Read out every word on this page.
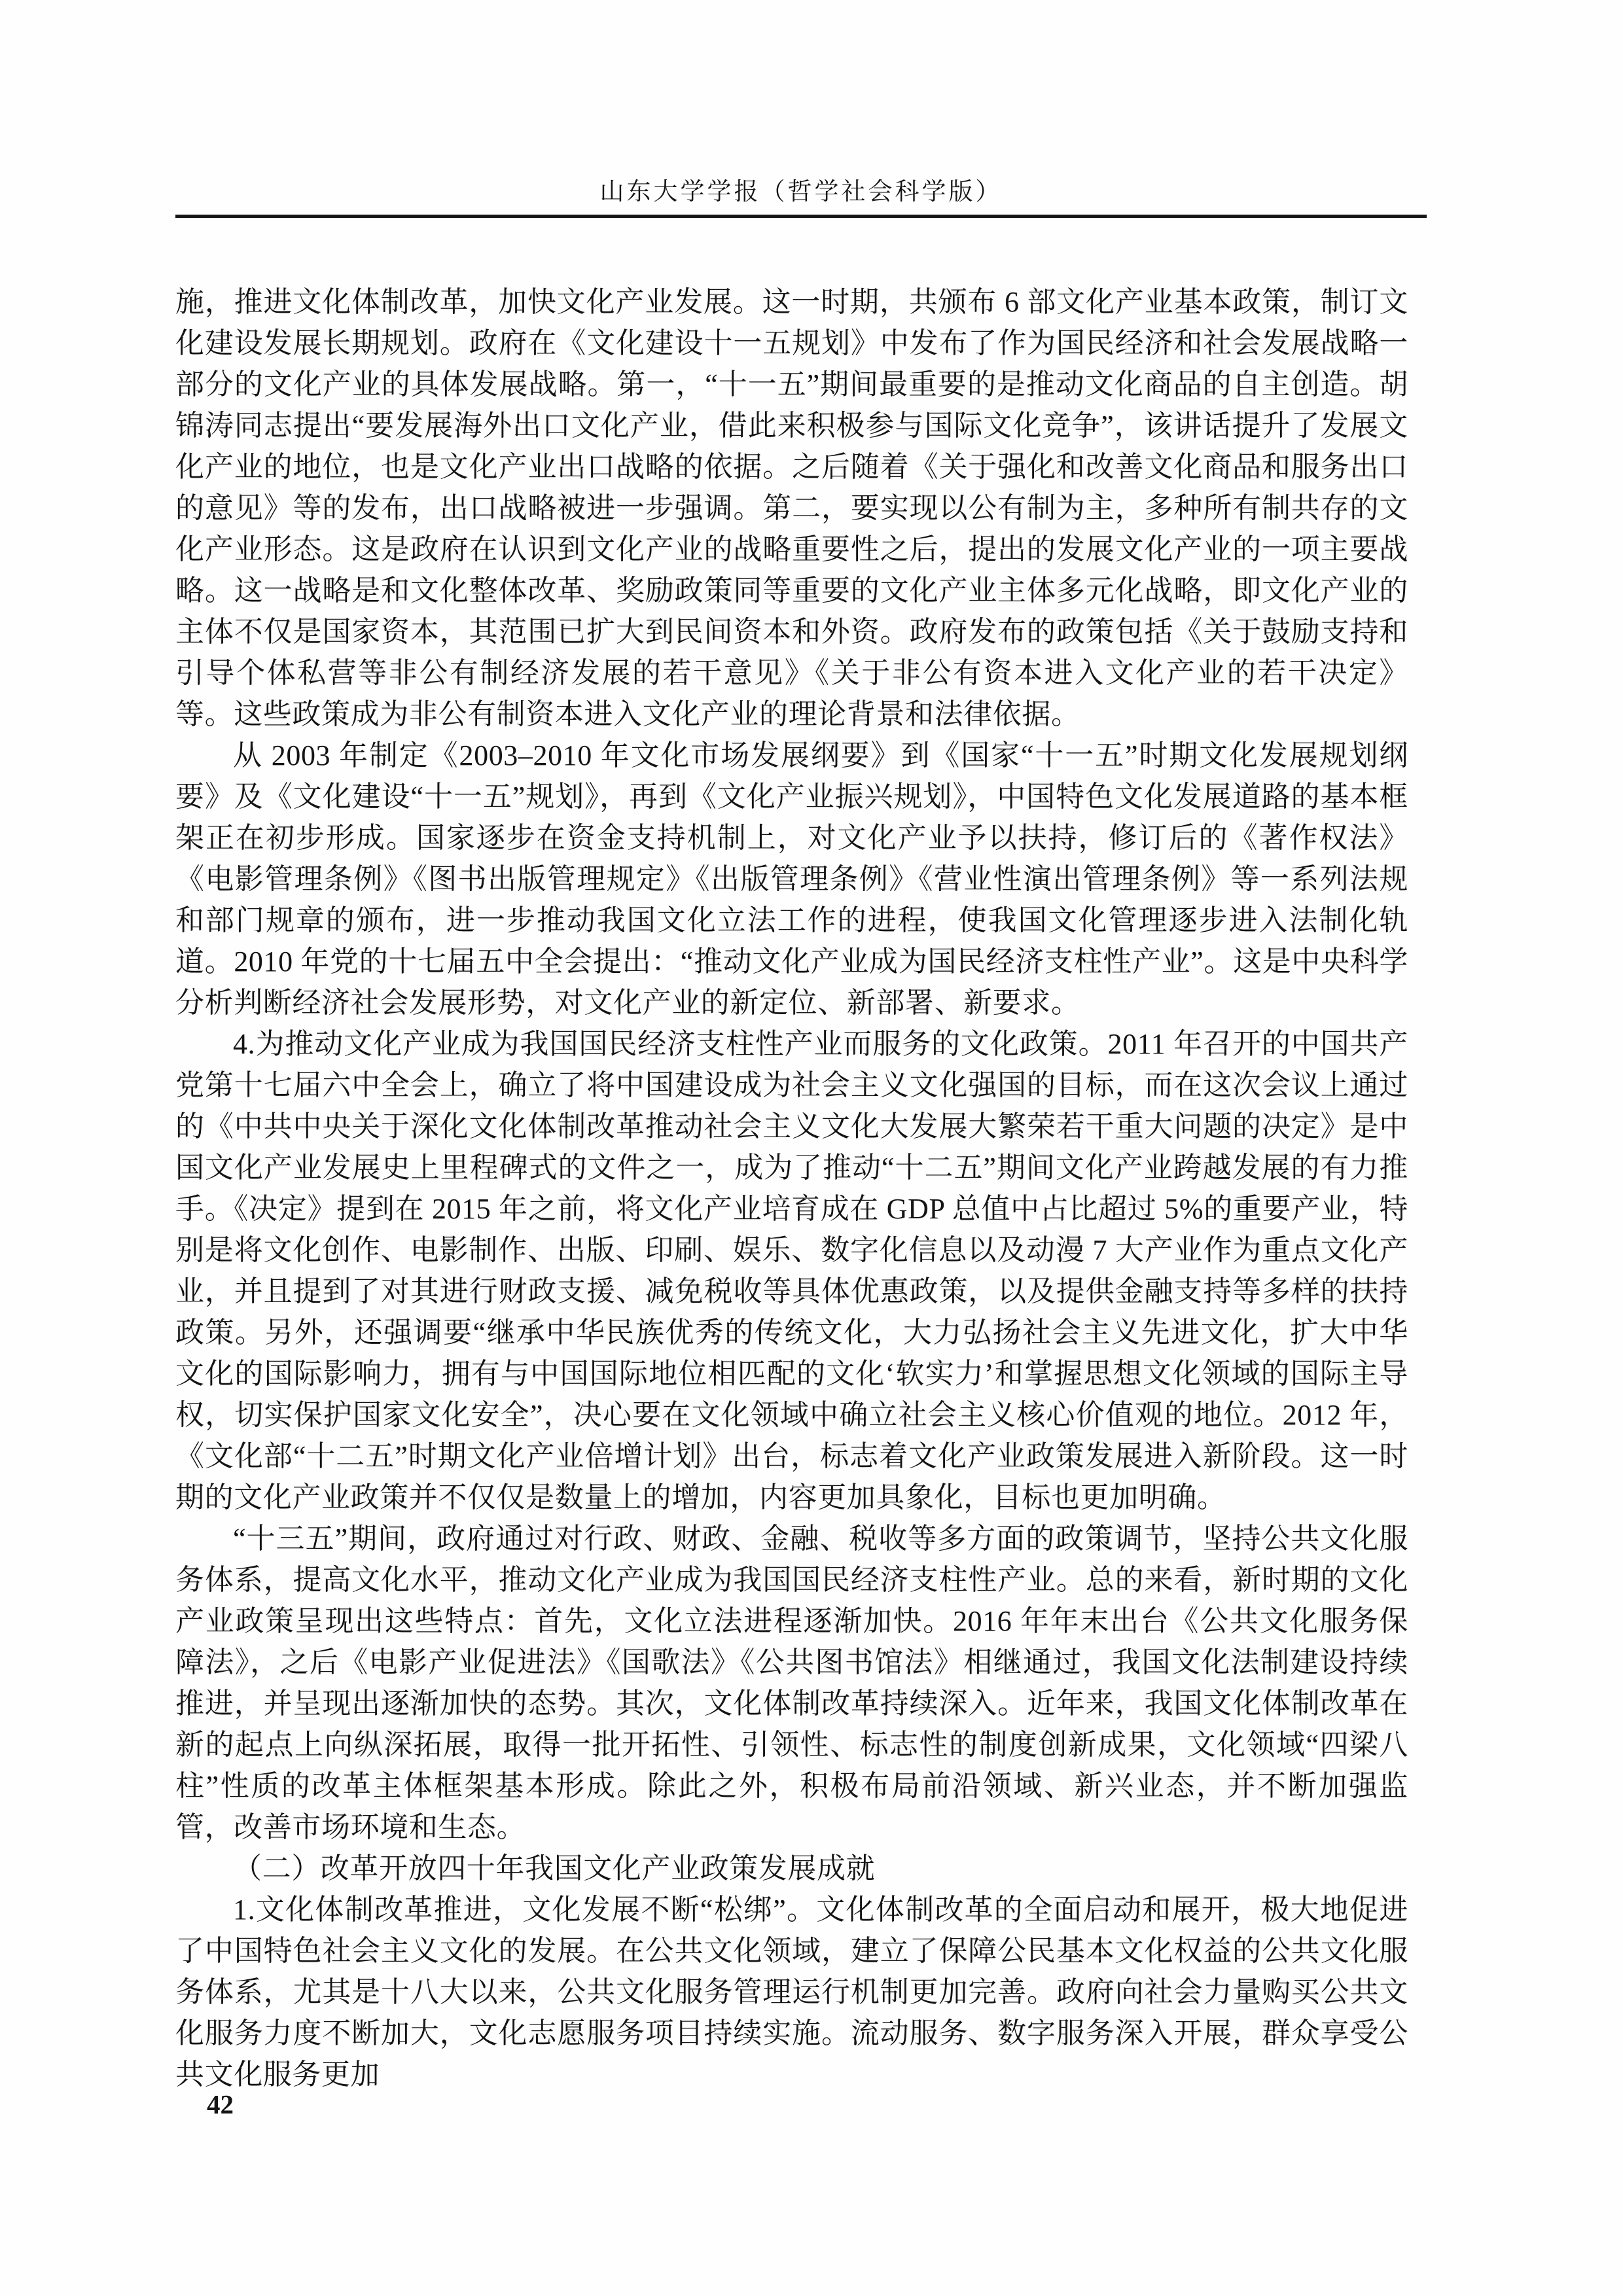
山东大学学报（哲学社会科学版）

施，推进文化体制改革，加快文化产业发展。这一时期，共颁布 6 部文化产业基本政策，制订文化建设发展长期规划。政府在《文化建设十一五规划》中发布了作为国民经济和社会发展战略一部分的文化产业的具体发展战略。第一，“十一五”期间最重要的是推动文化商品的自主创造。胡锦涛同志提出“要发展海外出口文化产业，借此来积极参与国际文化竞争”，该讲话提升了发展文化产业的地位，也是文化产业出口战略的依据。之后随着《关于强化和改善文化商品和服务出口的意见》等的发布，出口战略被进一步强调。第二，要实现以公有制为主，多种所有制共存的文化产业形态。这是政府在认识到文化产业的战略重要性之后，提出的发展文化产业的一项主要战略。这一战略是和文化整体改革、奖励政策同等重要的文化产业主体多元化战略，即文化产业的主体不仅是国家资本，其范围已扩大到民间资本和外资。政府发布的政策包括《关于鼓励支持和引导个体私营等非公有制经济发展的若干意见》《关于非公有资本进入文化产业的若干决定》等。这些政策成为非公有制资本进入文化产业的理论背景和法律依据。

从 2003 年制定《2003–2010 年文化市场发展纲要》到《国家“十一五”时期文化发展规划纲要》及《文化建设“十一五”规划》，再到《文化产业振兴规划》，中国特色文化发展道路的基本框架正在初步形成。国家逐步在资金支持机制上，对文化产业予以扶持，修订后的《著作权法》《电影管理条例》《图书出版管理规定》《出版管理条例》《营业性演出管理条例》等一系列法规和部门规章的颁布，进一步推动我国文化立法工作的进程，使我国文化管理逐步进入法制化轨道。2010 年党的十七届五中全会提出：“推动文化产业成为国民经济支柱性产业”。这是中央科学分析判断经济社会发展形势，对文化产业的新定位、新部署、新要求。

4.为推动文化产业成为我国国民经济支柱性产业而服务的文化政策。2011 年召开的中国共产党第十七届六中全会上，确立了将中国建设成为社会主义文化强国的目标，而在这次会议上通过的《中共中央关于深化文化体制改革推动社会主义文化大发展大繁荣若干重大问题的决定》是中国文化产业发展史上里程碑式的文件之一，成为了推动“十二五”期间文化产业跨越发展的有力推手。《决定》提到在 2015 年之前，将文化产业培育成在 GDP 总值中占比超过 5%的重要产业，特别是将文化创作、电影制作、出版、印刷、娱乐、数字化信息以及动漫 7 大产业作为重点文化产业，并且提到了对其进行财政支援、减免税收等具体优惠政策，以及提供金融支持等多样的扶持政策。另外，还强调要“继承中华民族优秀的传统文化，大力弘扬社会主义先进文化，扩大中华文化的国际影响力，拥有与中国国际地位相匹配的文化‘软实力’和掌握思想文化领域的国际主导权，切实保护国家文化安全”，决心要在文化领域中确立社会主义核心价值观的地位。2012 年，《文化部“十二五”时期文化产业倍增计划》出台，标志着文化产业政策发展进入新阶段。这一时期的文化产业政策并不仅仅是数量上的增加，内容更加具象化，目标也更加明确。

“十三五”期间，政府通过对行政、财政、金融、税收等多方面的政策调节，坚持公共文化服务体系，提高文化水平，推动文化产业成为我国国民经济支柱性产业。总的来看，新时期的文化产业政策呈现出这些特点：首先，文化立法进程逐渐加快。2016 年年末出台《公共文化服务保障法》，之后《电影产业促进法》《国歌法》《公共图书馆法》相继通过，我国文化法制建设持续推进，并呈现出逐渐加快的态势。其次，文化体制改革持续深入。近年来，我国文化体制改革在新的起点上向纵深拓展，取得一批开拓性、引领性、标志性的制度创新成果，文化领域“四梁八柱”性质的改革主体框架基本形成。除此之外，积极布局前沿领域、新兴业态，并不断加强监管，改善市场环境和生态。

（二）改革开放四十年我国文化产业政策发展成就

1.文化体制改革推进，文化发展不断“松绑”。文化体制改革的全面启动和展开，极大地促进了中国特色社会主义文化的发展。在公共文化领域，建立了保障公民基本文化权益的公共文化服务体系，尤其是十八大以来，公共文化服务管理运行机制更加完善。政府向社会力量购买公共文化服务力度不断加大，文化志愿服务项目持续实施。流动服务、数字服务深入开展，群众享受公共文化服务更加

42
